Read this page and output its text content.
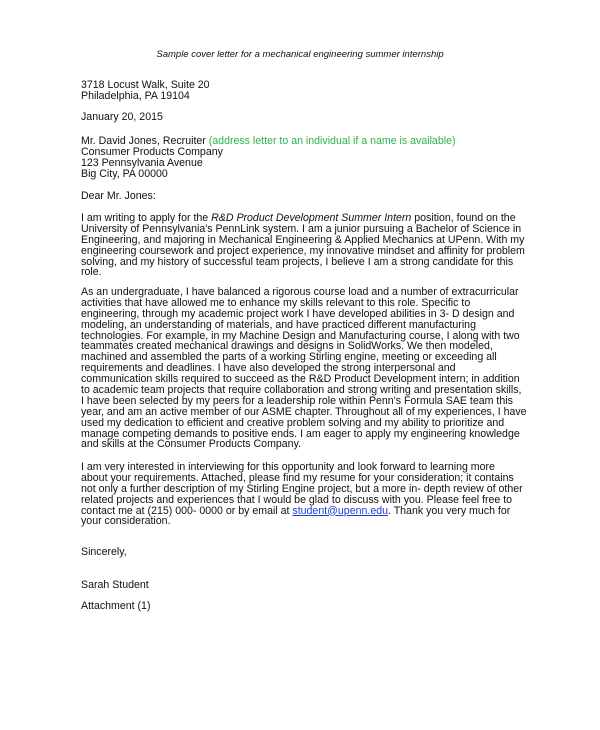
Sample cover letter for a mechanical engineering summer internship
3718 Locust Walk, Suite 20
Philadelphia, PA 19104
January 20, 2015
Mr. David Jones, Recruiter (address letter to an individual if a name is available)
Consumer Products Company
123 Pennsylvania Avenue
Big City, PA 00000
Dear Mr. Jones:
I am writing to apply for the R&D Product Development Summer Intern position, found on the
University of Pennsylvania's PennLink system. I am a junior pursuing a Bachelor of Science in
Engineering, and majoring in Mechanical Engineering & Applied Mechanics at UPenn. With my
engineering coursework and project experience, my innovative mindset and affinity for problem
solving, and my history of successful team projects, I believe I am a strong candidate for this
role.
As an undergraduate, I have balanced a rigorous course load and a number of extracurricular
activities that have allowed me to enhance my skills relevant to this role. Specific to
engineering, through my academic project work I have developed abilities in 3- D design and
modeling, an understanding of materials, and have practiced different manufacturing
technologies. For example, in my Machine Design and Manufacturing course, I along with two
teammates created mechanical drawings and designs in SolidWorks. We then modeled,
machined and assembled the parts of a working Stirling engine, meeting or exceeding all
requirements and deadlines. I have also developed the strong interpersonal and
communication skills required to succeed as the R&D Product Development intern; in addition
to academic team projects that require collaboration and strong writing and presentation skills,
I have been selected by my peers for a leadership role within Penn's Formula SAE team this
year, and am an active member of our ASME chapter. Throughout all of my experiences, I have
used my dedication to efficient and creative problem solving and my ability to prioritize and
manage competing demands to positive ends. I am eager to apply my engineering knowledge
and skills at the Consumer Products Company.
I am very interested in interviewing for this opportunity and look forward to learning more
about your requirements. Attached, please find my resume for your consideration; it contains
not only a further description of my Stirling Engine project, but a more in- depth review of other
related projects and experiences that I would be glad to discuss with you. Please feel free to
contact me at (215) 000- 0000 or by email at student@upenn.edu. Thank you very much for
your consideration.
Sincerely,
Sarah Student
Attachment (1)
